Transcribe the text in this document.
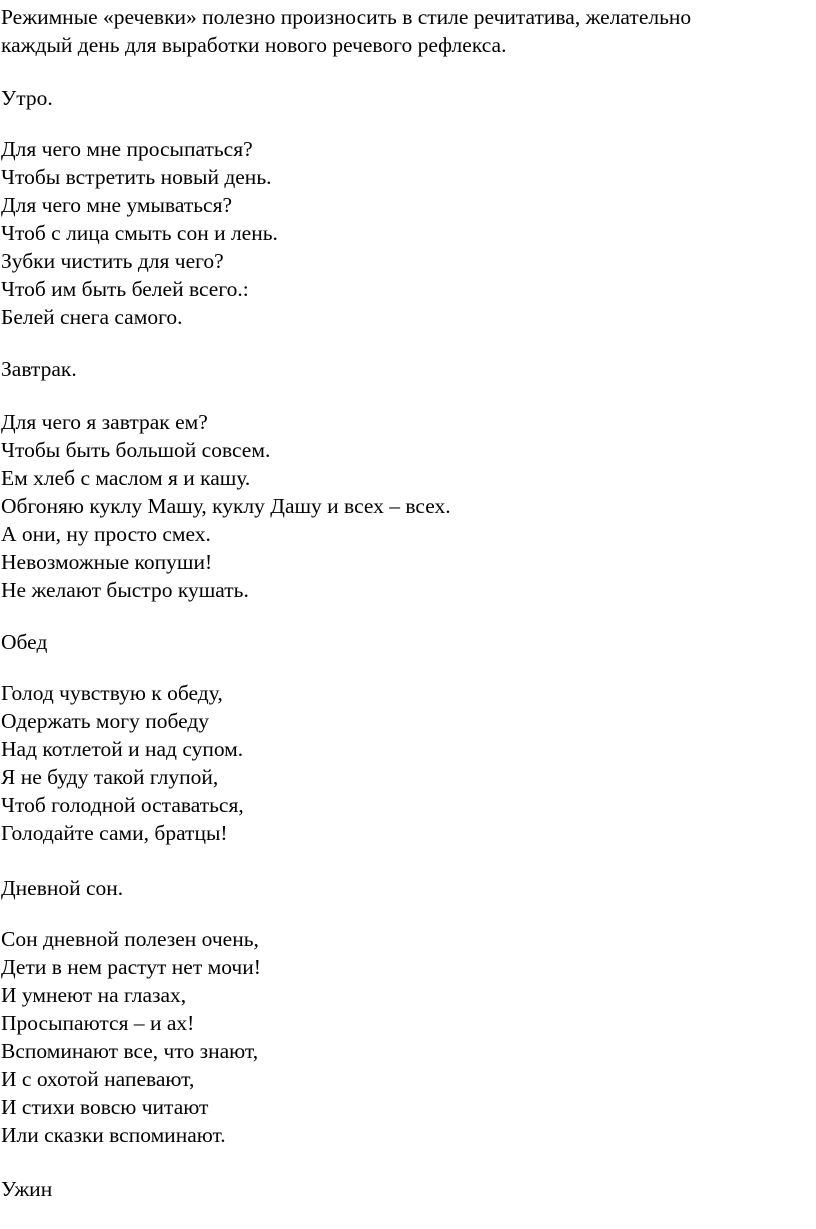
Режимные «речевки» полезно произносить в стиле речитатива, желательно
каждый день для выработки нового речевого рефлекса.
Утро.
Для чего мне просыпаться?
Чтобы встретить новый день.
Для чего мне умываться?
Чтоб с лица смыть сон и лень.
Зубки чистить для чего?
Чтоб им быть белей всего.:
Белей снега самого.
Завтрак.
Для чего я завтрак ем?
Чтобы быть большой совсем.
Ем хлеб с маслом я и кашу.
Обгоняю куклу Машу, куклу Дашу и всех – всех.
А они, ну просто смех.
Невозможные копуши!
Не желают быстро кушать.
Обед
Голод чувствую к обеду,
Одержать могу победу
Над котлетой и над супом.
Я не буду такой глупой,
Чтоб голодной оставаться,
Голодайте сами, братцы!
Дневной сон.
Сон дневной полезен очень,
Дети в нем растут нет мочи!
И умнеют на глазах,
Просыпаются – и ах!
Вспоминают все, что знают,
И с охотой напевают,
И стихи вовсю читают
Или сказки вспоминают.
Ужин
